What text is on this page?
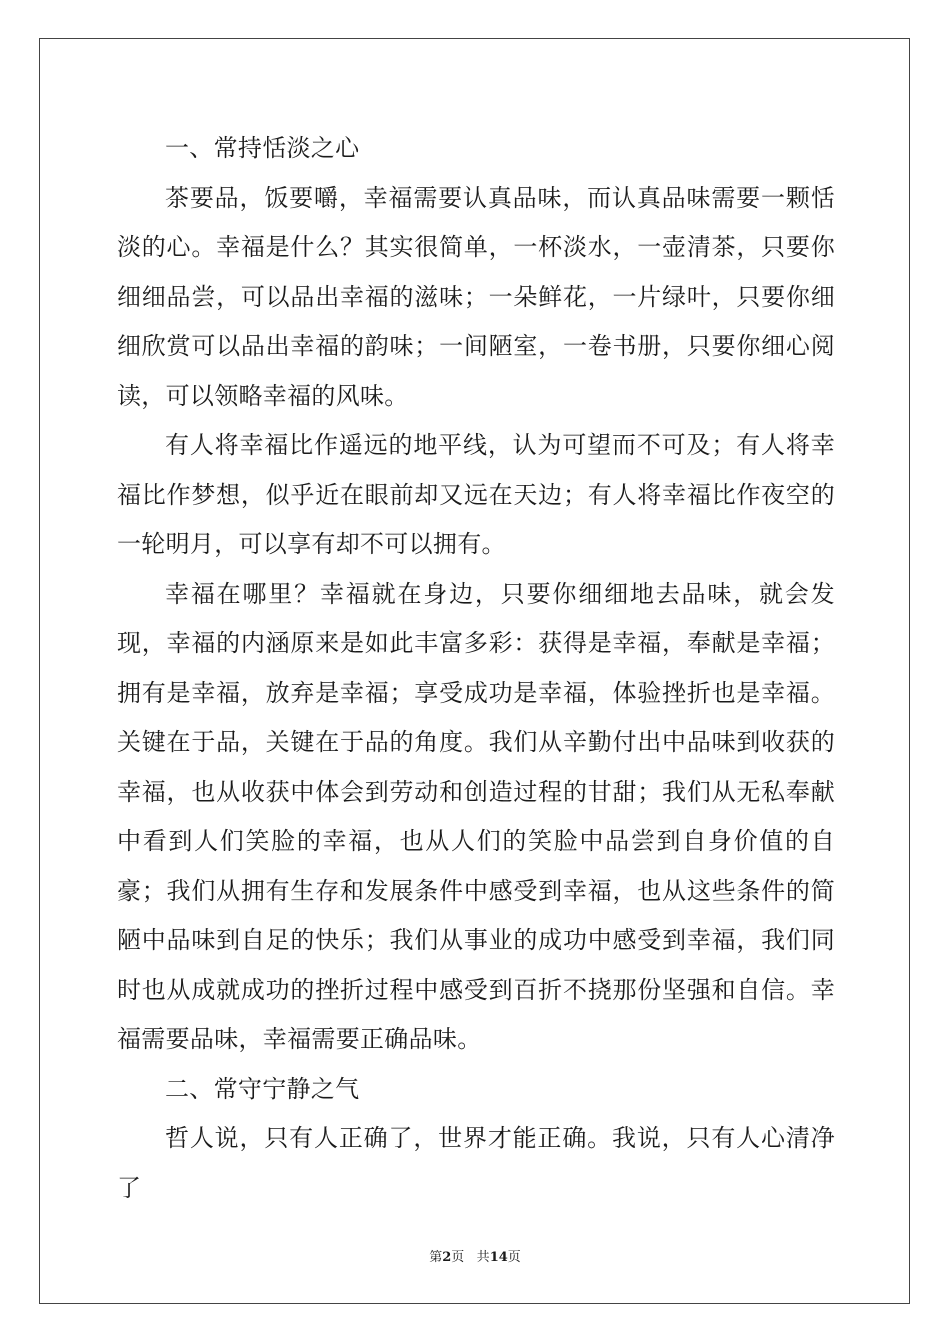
一、常持恬淡之心

茶要品，饭要嚼，幸福需要认真品味，而认真品味需要一颗恬淡的心。幸福是什么？其实很简单，一杯淡水，一壶清茶，只要你细细品尝，可以品出幸福的滋味；一朵鲜花，一片绿叶，只要你细细欣赏可以品出幸福的韵味；一间陋室，一卷书册，只要你细心阅读，可以领略幸福的风味。

有人将幸福比作遥远的地平线，认为可望而不可及；有人将幸福比作梦想，似乎近在眼前却又远在天边；有人将幸福比作夜空的一轮明月，可以享有却不可以拥有。

幸福在哪里？幸福就在身边，只要你细细地去品味，就会发现，幸福的内涵原来是如此丰富多彩：获得是幸福，奉献是幸福；拥有是幸福，放弃是幸福；享受成功是幸福，体验挫折也是幸福。关键在于品，关键在于品的角度。我们从辛勤付出中品味到收获的幸福，也从收获中体会到劳动和创造过程的甘甜；我们从无私奉献中看到人们笑脸的幸福，也从人们的笑脸中品尝到自身价值的自豪；我们从拥有生存和发展条件中感受到幸福，也从这些条件的简陋中品味到自足的快乐；我们从事业的成功中感受到幸福，我们同时也从成就成功的挫折过程中感受到百折不挠那份坚强和自信。幸福需要品味，幸福需要正确品味。

二、常守宁静之气

哲人说，只有人正确了，世界才能正确。我说，只有人心清净了

第2页 共14页
